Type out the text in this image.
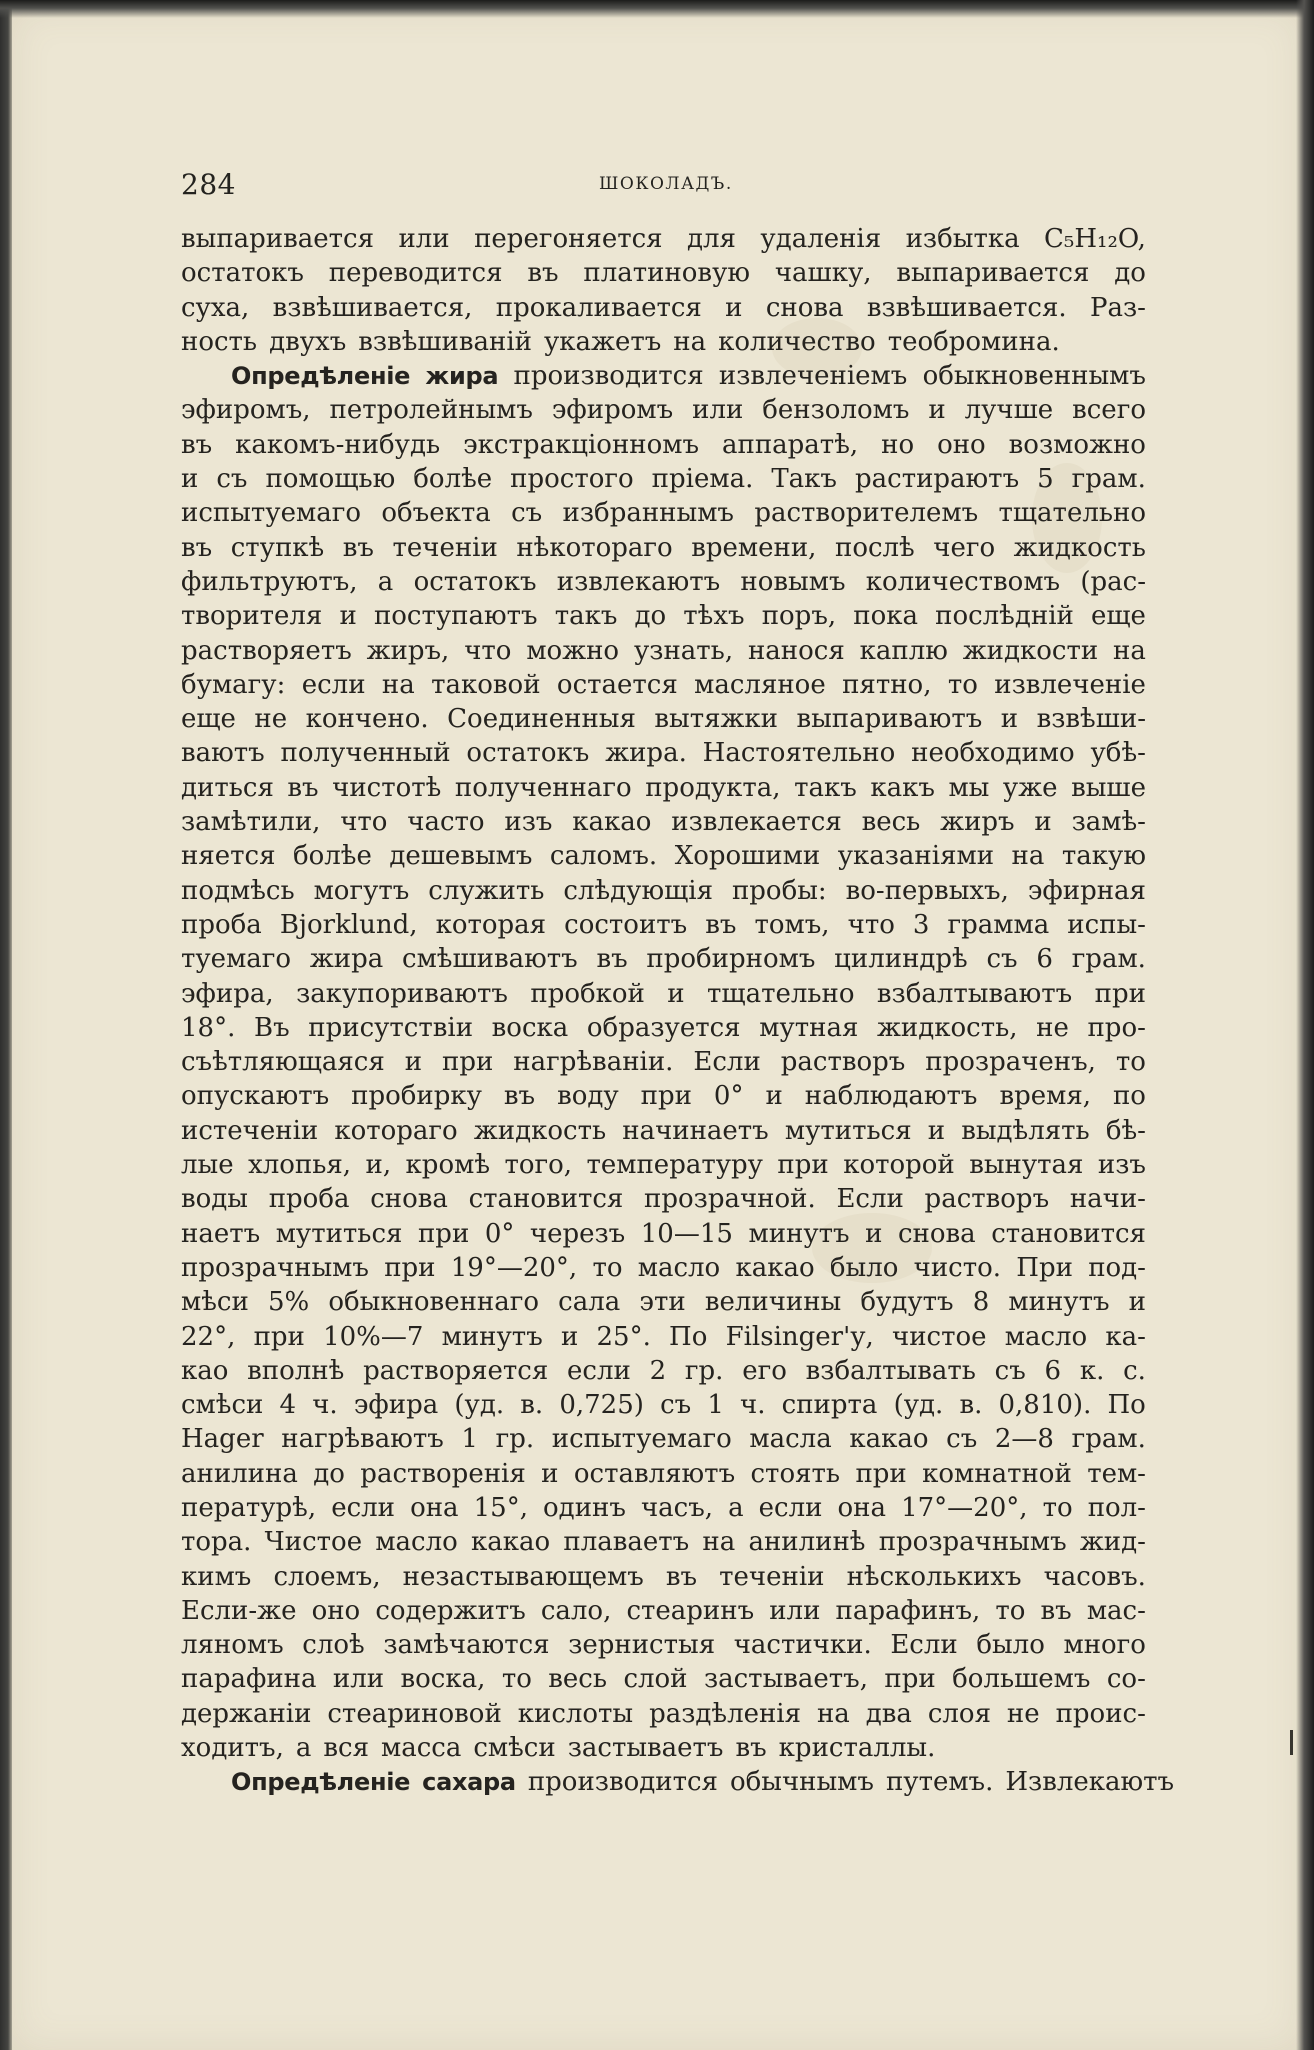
284	ШОКОЛАДЪ.
выпаривается или перегоняется для удаленія избытка C₅H₁₂O,
остатокъ переводится въ платиновую чашку, выпаривается до
суха, взвѣшивается, прокаливается и снова взвѣшивается. Раз-
ность двухъ взвѣшиваній укажетъ на количество теобромина.
Опредѣленіе жира производится извлеченіемъ обыкновеннымъ
эфиромъ, петролейнымъ эфиромъ или бензоломъ и лучше всего
въ какомъ-нибудь экстракціонномъ аппаратѣ, но оно возможно
и съ помощью болѣе простого пріема. Такъ растираютъ 5 грам.
испытуемаго объекта съ избраннымъ растворителемъ тщательно
въ ступкѣ въ теченіи нѣкотораго времени, послѣ чего жидкость
фильтруютъ, а остатокъ извлекаютъ новымъ количествомъ (рас-
творителя и поступаютъ такъ до тѣхъ поръ, пока послѣдній еще
растворяетъ жиръ, что можно узнать, нанося каплю жидкости на
бумагу: если на таковой остается масляное пятно, то извлеченіе
еще не кончено. Соединенныя вытяжки выпариваютъ и взвѣши-
ваютъ полученный остатокъ жира. Настоятельно необходимо убѣ-
диться въ чистотѣ полученнаго продукта, такъ какъ мы уже выше
замѣтили, что часто изъ какао извлекается весь жиръ и замѣ-
няется болѣе дешевымъ саломъ. Хорошими указаніями на такую
подмѣсь могутъ служить слѣдующія пробы: во-первыхъ, эфирная
проба Bjorklund, которая состоитъ въ томъ, что 3 грамма испы-
туемаго жира смѣшиваютъ въ пробирномъ цилиндрѣ съ 6 грам.
эфира, закупориваютъ пробкой и тщательно взбалтываютъ при
18°. Въ присутствіи воска образуется мутная жидкость, не про-
съѣтляющаяся и при нагрѣваніи. Если растворъ прозраченъ, то
опускаютъ пробирку въ воду при 0° и наблюдаютъ время, по
истеченіи котораго жидкость начинаетъ мутиться и выдѣлять бѣ-
лые хлопья, и, кромѣ того, температуру при которой вынутая изъ
воды проба снова становится прозрачной. Если растворъ начи-
наетъ мутиться при 0° черезъ 10—15 минутъ и снова становится
прозрачнымъ при 19°—20°, то масло какао было чисто. При под-
мѣси 5% обыкновеннаго сала эти величины будутъ 8 минутъ и
22°, при 10%—7 минутъ и 25°. По Filsinger'у, чистое масло ка-
као вполнѣ растворяется если 2 гр. его взбалтывать съ 6 к. с.
смѣси 4 ч. эфира (уд. в. 0,725) съ 1 ч. спирта (уд. в. 0,810). По
Hager нагрѣваютъ 1 гр. испытуемаго масла какао съ 2—8 грам.
анилина до растворенія и оставляютъ стоять при комнатной тем-
пературѣ, если она 15°, одинъ часъ, а если она 17°—20°, то пол-
тора. Чистое масло какао плаваетъ на анилинѣ прозрачнымъ жид-
кимъ слоемъ, незастывающемъ въ теченіи нѣсколькихъ часовъ.
Если-же оно содержитъ сало, стеаринъ или парафинъ, то въ мас-
ляномъ слоѣ замѣчаются зернистыя частички. Если было много
парафина или воска, то весь слой застываетъ, при большемъ со-
держаніи стеариновой кислоты раздѣленія на два слоя не проис-
ходитъ, а вся масса смѣси застываетъ въ кристаллы.
Опредѣленіе сахара производится обычнымъ путемъ. Извлекаютъ
